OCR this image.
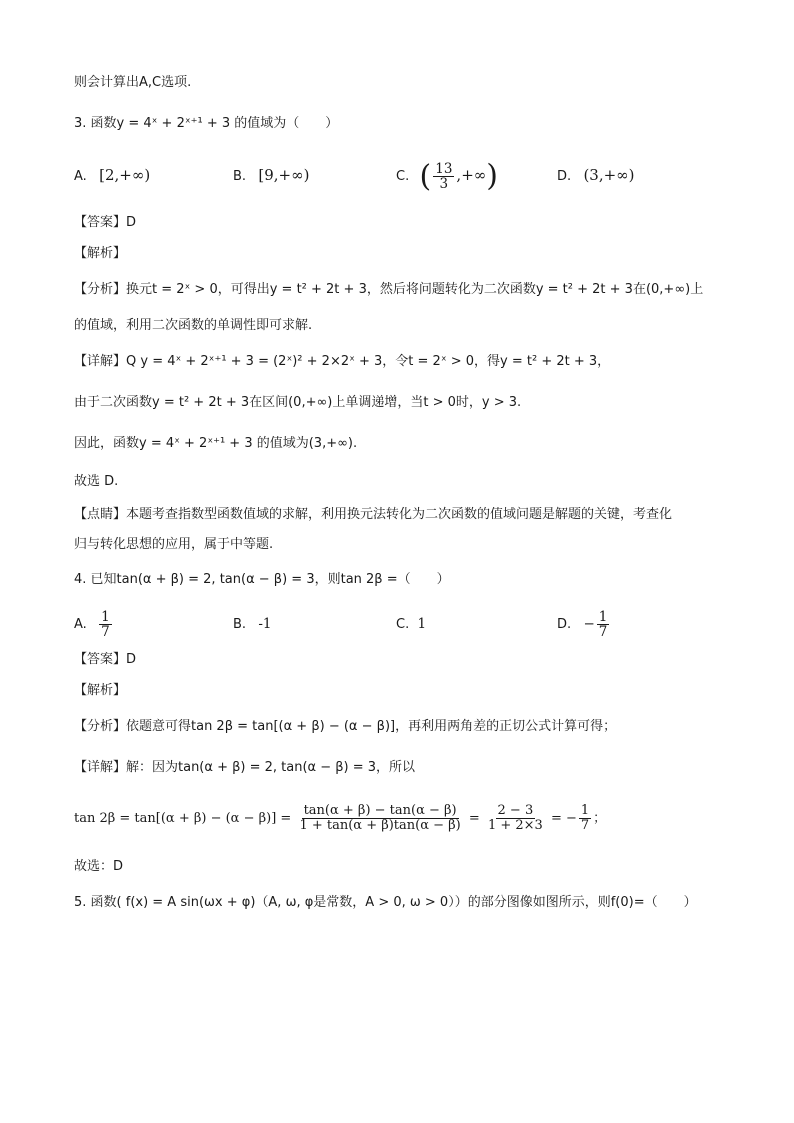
则会计算出A,C选项.
3. 函数y = 4ˣ + 2ˣ⁺¹ + 3 的值域为（　　）
A. [2,+∞)	B. [9,+∞)	C. ( $\frac{13}{3}$ ,+∞)	D. (3,+∞)
【答案】D
【解析】
【分析】换元t = 2ˣ > 0，可得出y = t² + 2t + 3，然后将问题转化为二次函数y = t² + 2t + 3在(0,+∞)上
的值域，利用二次函数的单调性即可求解.
【详解】Q y = 4ˣ + 2ˣ⁺¹ + 3 = (2ˣ)² + 2×2ˣ + 3，令t = 2ˣ > 0，得y = t² + 2t + 3，
由于二次函数y = t² + 2t + 3在区间(0,+∞)上单调递增，当t > 0时，y > 3.
因此，函数y = 4ˣ + 2ˣ⁺¹ + 3 的值域为(3,+∞).
故选 D.
【点睛】本题考查指数型函数值域的求解，利用换元法转化为二次函数的值域问题是解题的关键，考查化
归与转化思想的应用，属于中等题.
4. 已知tan(α + β) = 2, tan(α − β) = 3，则tan 2β =（　　）
A. $\frac{1}{7}$	B. -1	C. 1	D. − $\frac{1}{7}$
【答案】D
【解析】
【分析】依题意可得tan 2β = tan[(α + β) − (α − β)]，再利用两角差的正切公式计算可得；
【详解】解：因为tan(α + β) = 2, tan(α − β) = 3，所以
$\tan 2\beta = \tan[(\alpha + \beta) - (\alpha - \beta)] = \frac{\tan(\alpha + \beta) - \tan(\alpha - \beta)}{1 + \tan(\alpha + \beta)\tan(\alpha - \beta)} = \frac{2 - 3}{1 + 2\times 3}$ = − $\frac{1}{7}$ ；
故选：D
5. 函数( f(x) = A sin(ωx + φ)（A, ω, φ是常数，A > 0, ω > 0））的部分图像如图所示，则f(0)=（　　）
